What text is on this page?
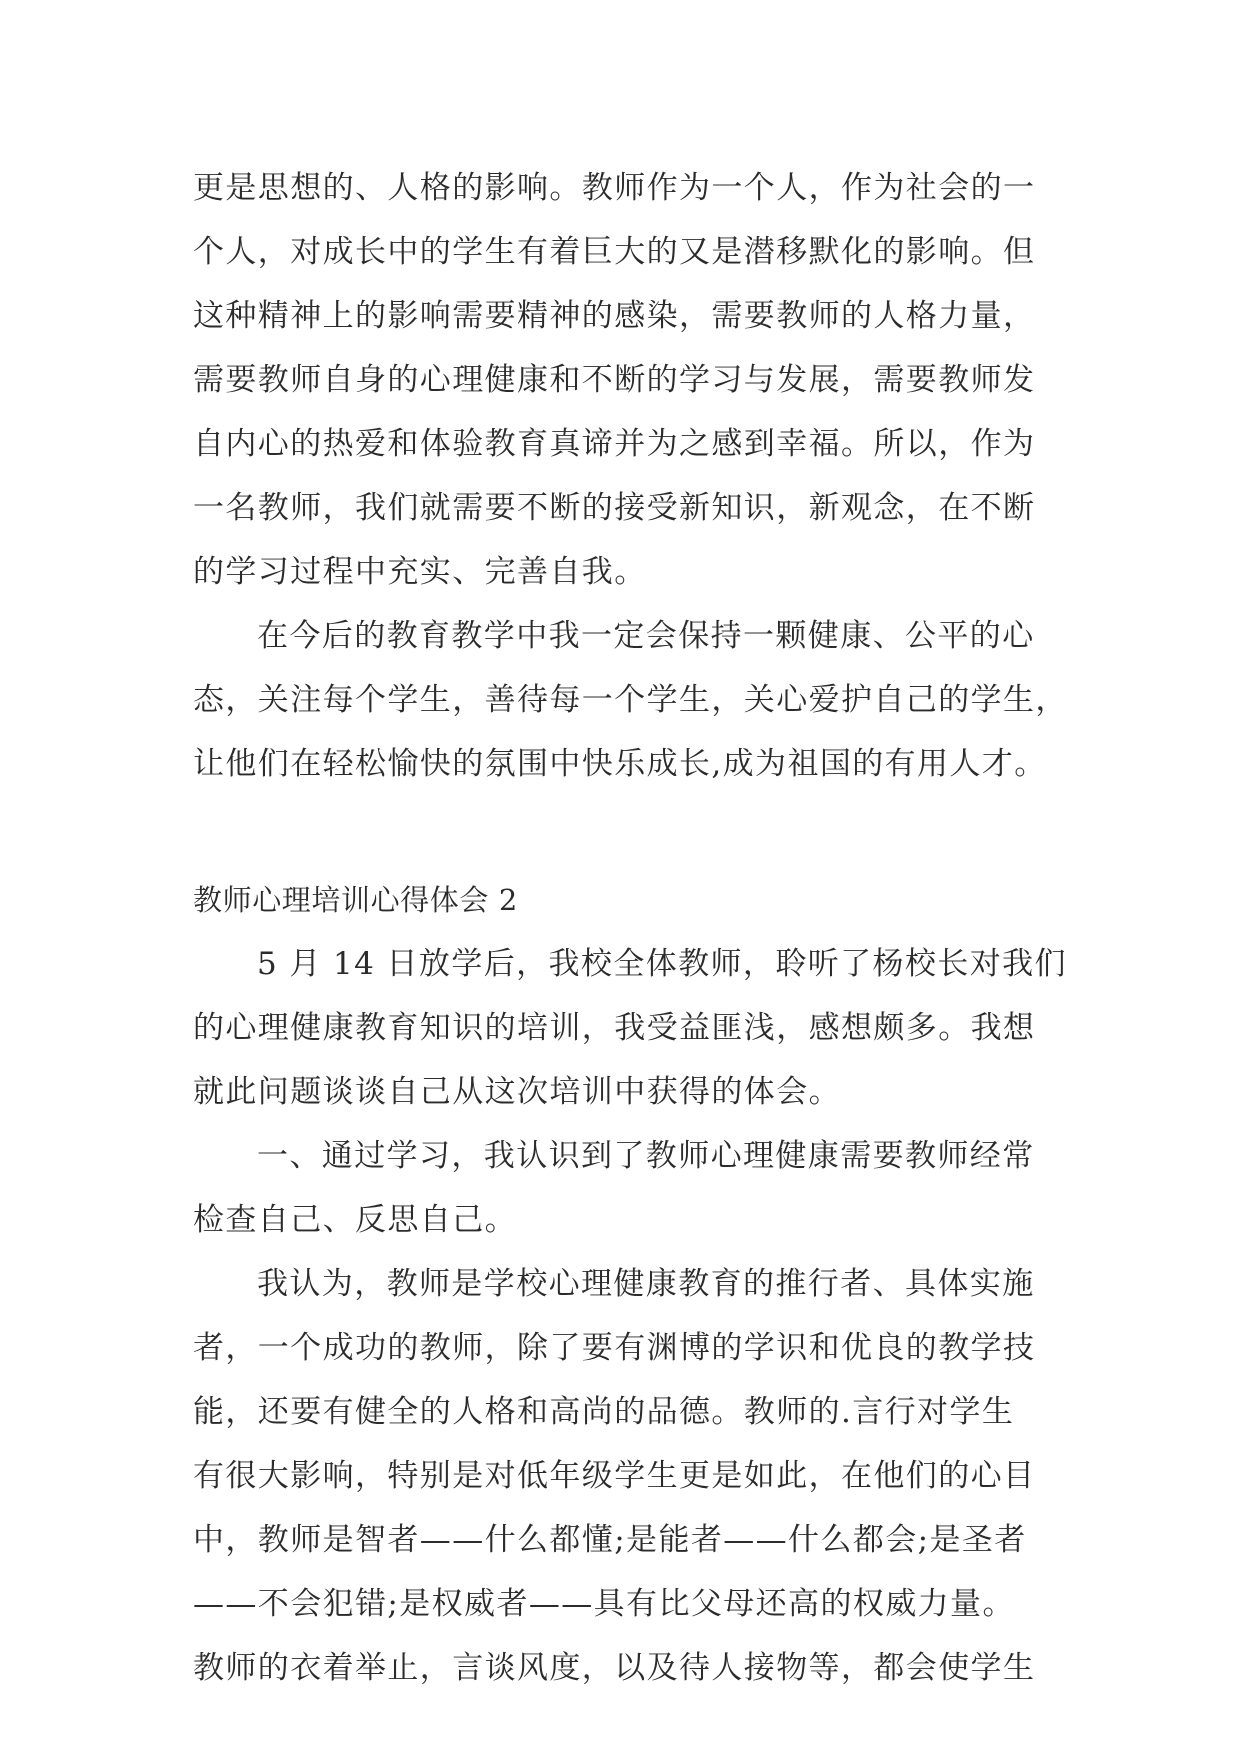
更是思想的、人格的影响。教师作为一个人，作为社会的一
个人，对成长中的学生有着巨大的又是潜移默化的影响。但
这种精神上的影响需要精神的感染，需要教师的人格力量，
需要教师自身的心理健康和不断的学习与发展，需要教师发
自内心的热爱和体验教育真谛并为之感到幸福。所以，作为
一名教师，我们就需要不断的接受新知识，新观念，在不断
的学习过程中充实、完善自我。
在今后的教育教学中我一定会保持一颗健康、公平的心
态，关注每个学生，善待每一个学生，关心爱护自己的学生，
让他们在轻松愉快的氛围中快乐成长,成为祖国的有用人才。
教师心理培训心得体会 2
5 月 14 日放学后，我校全体教师，聆听了杨校长对我们
的心理健康教育知识的培训，我受益匪浅，感想颇多。我想
就此问题谈谈自己从这次培训中获得的体会。
一、通过学习，我认识到了教师心理健康需要教师经常
检查自己、反思自己。
我认为，教师是学校心理健康教育的推行者、具体实施
者，一个成功的教师，除了要有渊博的学识和优良的教学技
能，还要有健全的人格和高尚的品德。教师的.言行对学生
有很大影响，特别是对低年级学生更是如此，在他们的心目
中，教师是智者——什么都懂;是能者——什么都会;是圣者
——不会犯错;是权威者——具有比父母还高的权威力量。
教师的衣着举止，言谈风度，以及待人接物等，都会使学生
